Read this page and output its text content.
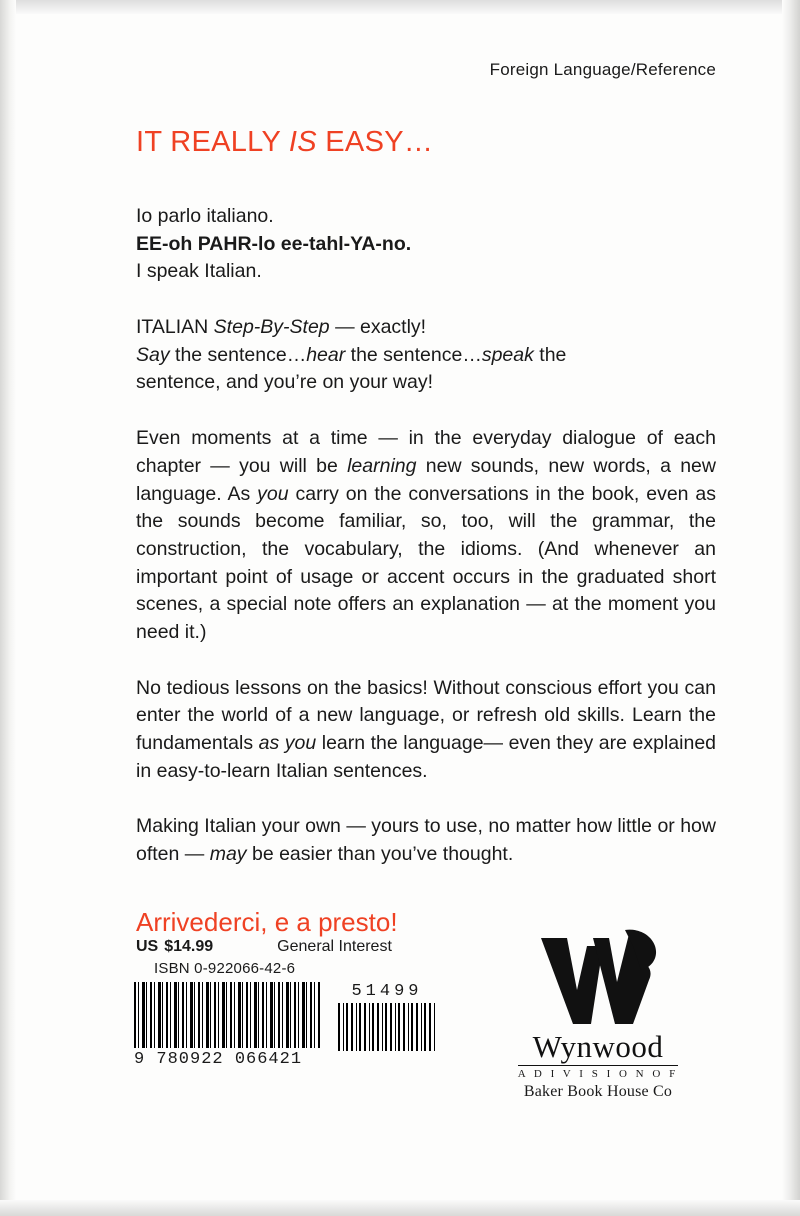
Foreign Language/Reference
IT REALLY IS EASY…
Io parlo italiano.
EE-oh PAHR-lo ee-tahl-YA-no.
I speak Italian.
ITALIAN Step-By-Step — exactly!
Say the sentence…hear the sentence…speak the
sentence, and you’re on your way!
Even moments at a time — in the everyday dialogue of each chapter — you will be learning new sounds, new words, a new language. As you carry on the conversations in the book, even as the sounds become familiar, so, too, will the grammar, the construction, the vocabulary, the idioms. (And whenever an important point of usage or accent occurs in the graduated short scenes, a special note offers an explanation — at the moment you need it.)
No tedious lessons on the basics! Without conscious effort you can enter the world of a new language, or refresh old skills. Learn the fundamentals as you learn the language— even they are explained in easy-to-learn Italian sentences.
Making Italian your own — yours to use, no matter how little or how often — may be easier than you’ve thought.
Arrivederci, e a presto!
US $14.99	General Interest
ISBN 0-922066-42-6
9 780922 066421
51499
Wynwood
A D I V I S I O N O F
Baker Book House Co
